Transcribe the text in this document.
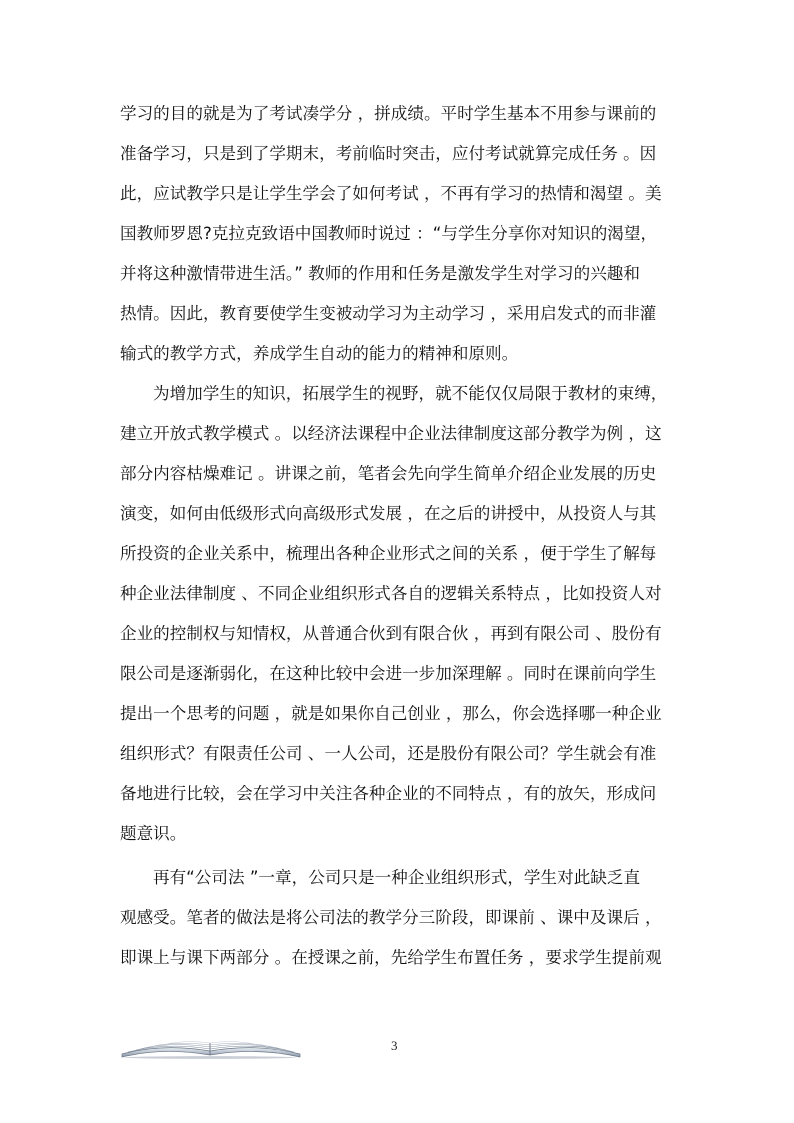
学习的目的就是为了考试凑学分 ，拼成绩。平时学生基本不用参与课前的
准备学习，只是到了学期末，考前临时突击，应付考试就算完成任务 。因
此，应试教学只是让学生学会了如何考试 ，不再有学习的热情和渴望 。美
国教师罗恩?克拉克致语中国教师时说过 ：“与学生分享你对知识的渴望，
并将这种激情带进生活。” 教师的作用和任务是激发学生对学习的兴趣和
热情。因此，教育要使学生变被动学习为主动学习 ，采用启发式的而非灌
输式的教学方式，养成学生自动的能力的精神和原则。
为增加学生的知识，拓展学生的视野，就不能仅仅局限于教材的束缚，
建立开放式教学模式 。以经济法课程中企业法律制度这部分教学为例 ，这
部分内容枯燥难记 。讲课之前，笔者会先向学生简单介绍企业发展的历史
演变，如何由低级形式向高级形式发展 ，在之后的讲授中，从投资人与其
所投资的企业关系中，梳理出各种企业形式之间的关系 ，便于学生了解每
种企业法律制度 、不同企业组织形式各自的逻辑关系特点 ，比如投资人对
企业的控制权与知情权，从普通合伙到有限合伙 ，再到有限公司 、股份有
限公司是逐渐弱化，在这种比较中会进一步加深理解 。同时在课前向学生
提出一个思考的问题 ，就是如果你自己创业 ，那么，你会选择哪一种企业
组织形式？有限责任公司 、一人公司，还是股份有限公司？学生就会有准
备地进行比较，会在学习中关注各种企业的不同特点 ，有的放矢，形成问
题意识。
再有“公司法 ”一章，公司只是一种企业组织形式，学生对此缺乏直
观感受。笔者的做法是将公司法的教学分三阶段，即课前 、课中及课后 ，
即课上与课下两部分 。在授课之前，先给学生布置任务 ，要求学生提前观
3
